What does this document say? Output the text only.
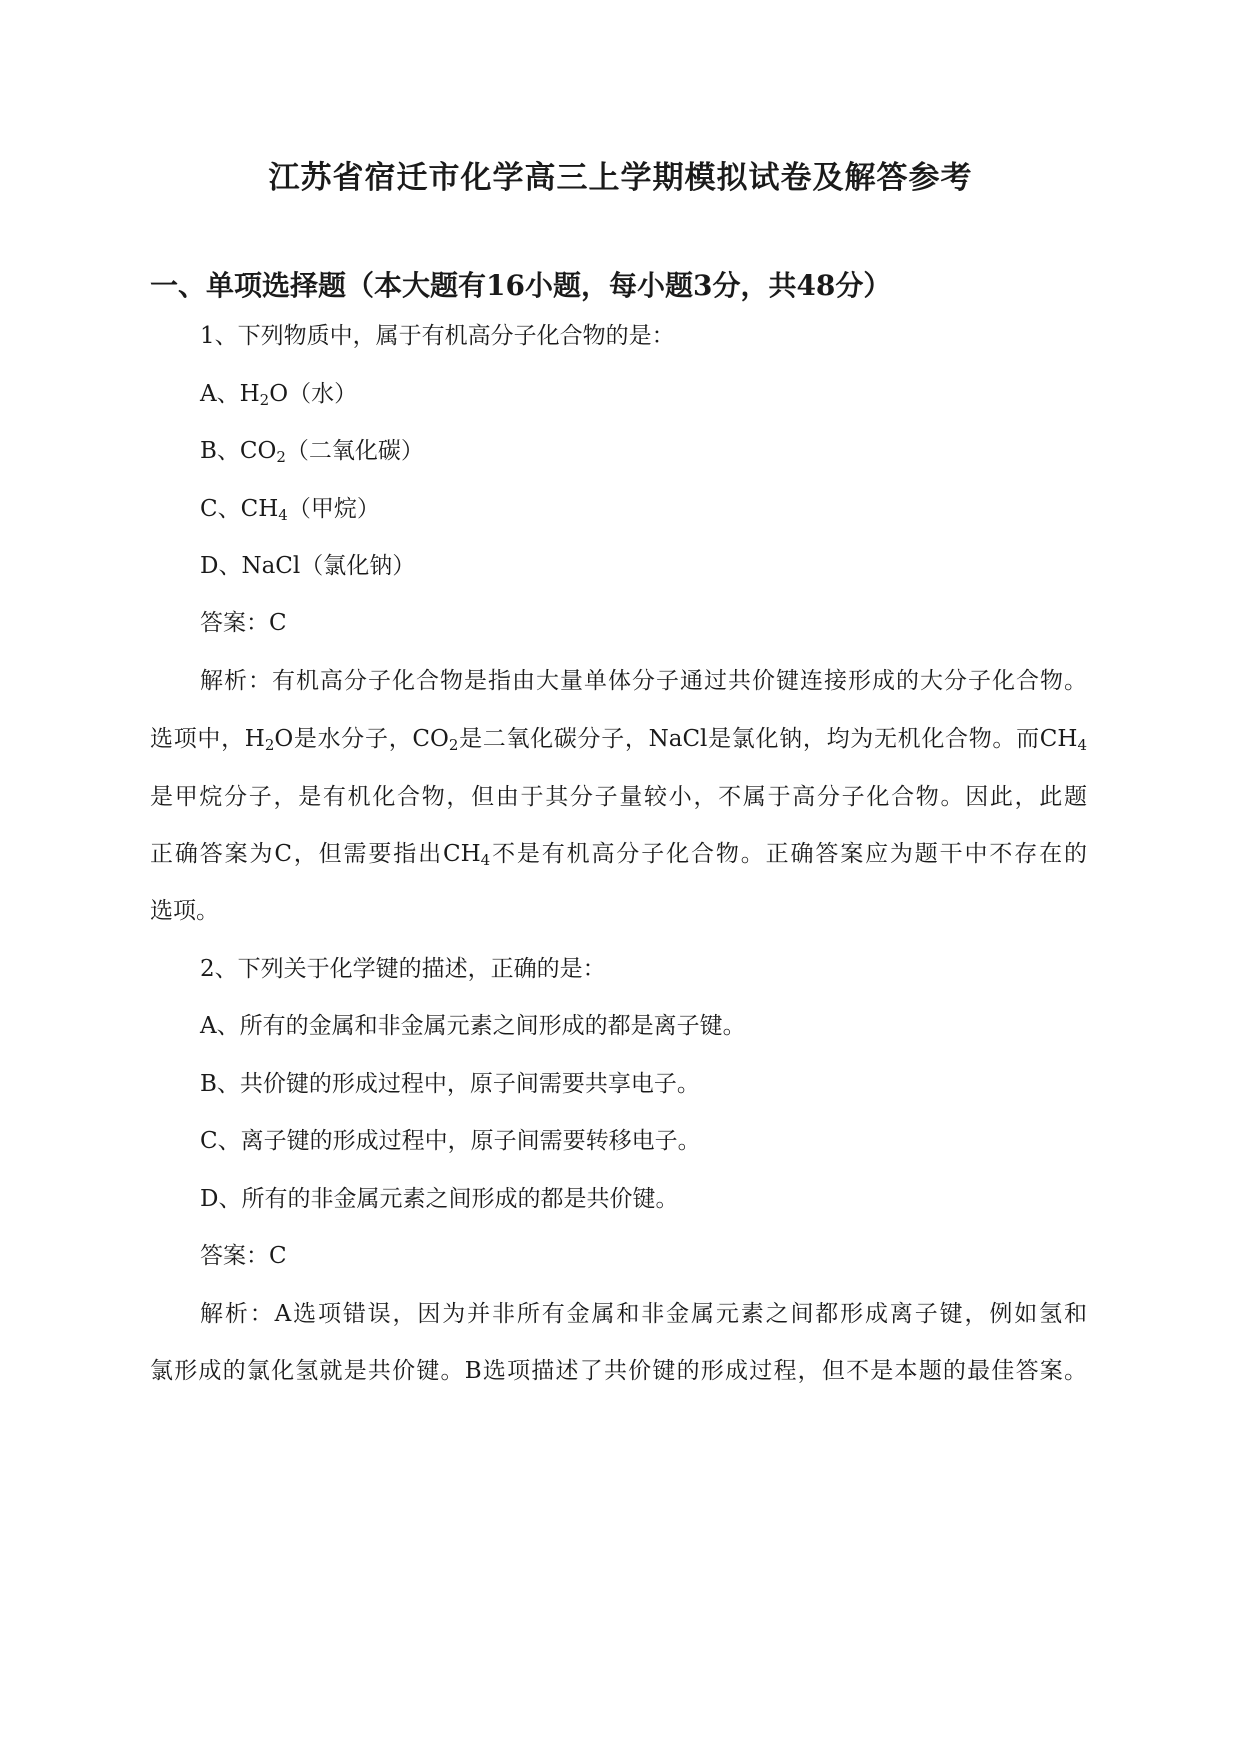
江苏省宿迁市化学高三上学期模拟试卷及解答参考
一、单项选择题（本大题有16小题，每小题3分，共48分）
1、下列物质中，属于有机高分子化合物的是：
A、$H_2O$（水）
B、$CO_2$（二氧化碳）
C、$CH_4$（甲烷）
D、NaCl（氯化钠）
答案：C
解析：有机高分子化合物是指由大量单体分子通过共价键连接形成的大分子化合物。
选项中，$H_2O$是水分子，$CO_2$是二氧化碳分子，NaCl是氯化钠，均为无机化合物。而$CH_4$
是甲烷分子，是有机化合物，但由于其分子量较小，不属于高分子化合物。因此，此题
正确答案为C，但需要指出$CH_4$不是有机高分子化合物。正确答案应为题干中不存在的
选项。
2、下列关于化学键的描述，正确的是：
A、所有的金属和非金属元素之间形成的都是离子键。
B、共价键的形成过程中，原子间需要共享电子。
C、离子键的形成过程中，原子间需要转移电子。
D、所有的非金属元素之间形成的都是共价键。
答案：C
解析：A选项错误，因为并非所有金属和非金属元素之间都形成离子键，例如氢和
氯形成的氯化氢就是共价键。B选项描述了共价键的形成过程，但不是本题的最佳答案。
